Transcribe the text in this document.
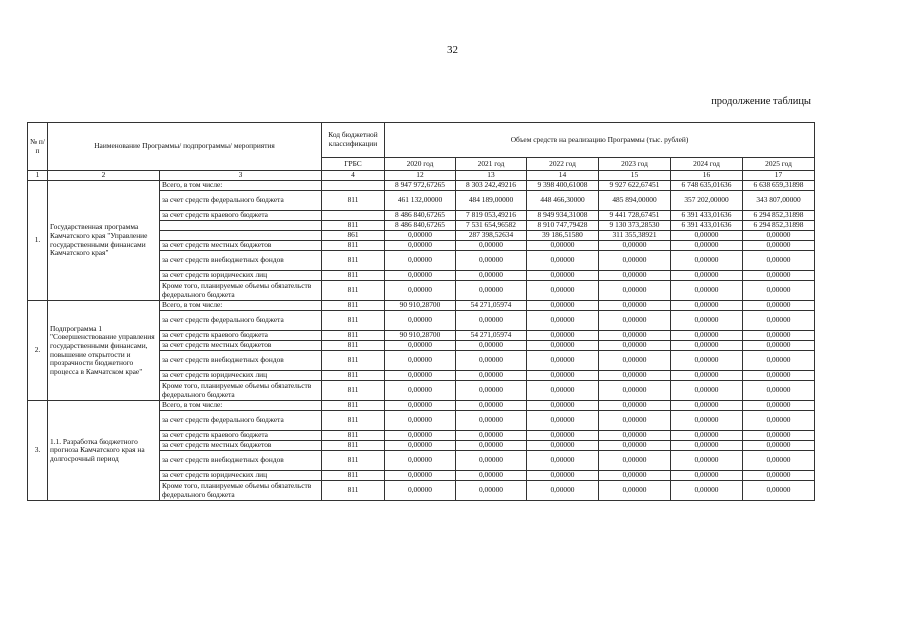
32
продолжение таблицы
№ п/п	Наименование Программы/ подпрограммы/ мероприятия		Код бюджетной классификации	Объем средств на реализацию Программы (тыс. рублей)					
			ГРБС	2020 год	2021 год	2022 год	2023 год	2024 год	2025 год
1	2	3	4	12	13	14	15	16	17
1.	Государственная программа Камчатского края "Управление государственными финансами Камчатского края"	Всего, в том числе:		8 947 972,67265	8 303 242,49216	9 398 400,61008	9 927 622,67451	6 748 635,01636	6 638 659,31898
		за счет средств федерального бюджета	811	461 132,00000	484 189,00000	448 466,30000	485 894,00000	357 202,00000	343 807,00000
		за счет средств краевого бюджета		8 486 840,67265	7 819 053,49216	8 949 934,31008	9 441 728,67451	6 391 433,01636	6 294 852,31898
			811	8 486 840,67265	7 531 654,96582	8 910 747,79428	9 130 373,28530	6 391 433,01636	6 294 852,31898
			861	0,00000	287 398,52634	39 186,51580	311 355,38921	0,00000	0,00000
		за счет средств местных бюджетов	811	0,00000	0,00000	0,00000	0,00000	0,00000	0,00000
		за счет средств внебюджетных фондов	811	0,00000	0,00000	0,00000	0,00000	0,00000	0,00000
		за счет средств юридических лиц	811	0,00000	0,00000	0,00000	0,00000	0,00000	0,00000
		Кроме того, планируемые объемы обязательств федерального бюджета	811	0,00000	0,00000	0,00000	0,00000	0,00000	0,00000
2.	Подпрограмма 1 "Совершенствование управления государственными финансами, повышение открытости и прозрачности бюджетного процесса в Камчатском крае"	Всего, в том числе:	811	90 910,28700	54 271,05974	0,00000	0,00000	0,00000	0,00000
		за счет средств федерального бюджета	811	0,00000	0,00000	0,00000	0,00000	0,00000	0,00000
		за счет средств краевого бюджета	811	90 910,28700	54 271,05974	0,00000	0,00000	0,00000	0,00000
		за счет средств местных бюджетов	811	0,00000	0,00000	0,00000	0,00000	0,00000	0,00000
		за счет средств внебюджетных фондов	811	0,00000	0,00000	0,00000	0,00000	0,00000	0,00000
		за счет средств юридических лиц	811	0,00000	0,00000	0,00000	0,00000	0,00000	0,00000
		Кроме того, планируемые объемы обязательств федерального бюджета	811	0,00000	0,00000	0,00000	0,00000	0,00000	0,00000
3.	1.1. Разработка бюджетного прогноза Камчатского края на долгосрочный период	Всего, в том числе:	811	0,00000	0,00000	0,00000	0,00000	0,00000	0,00000
		за счет средств федерального бюджета	811	0,00000	0,00000	0,00000	0,00000	0,00000	0,00000
		за счет средств краевого бюджета	811	0,00000	0,00000	0,00000	0,00000	0,00000	0,00000
		за счет средств местных бюджетов	811	0,00000	0,00000	0,00000	0,00000	0,00000	0,00000
		за счет средств внебюджетных фондов	811	0,00000	0,00000	0,00000	0,00000	0,00000	0,00000
		за счет средств юридических лиц	811	0,00000	0,00000	0,00000	0,00000	0,00000	0,00000
		Кроме того, планируемые объемы обязательств федерального бюджета	811	0,00000	0,00000	0,00000	0,00000	0,00000	0,00000
